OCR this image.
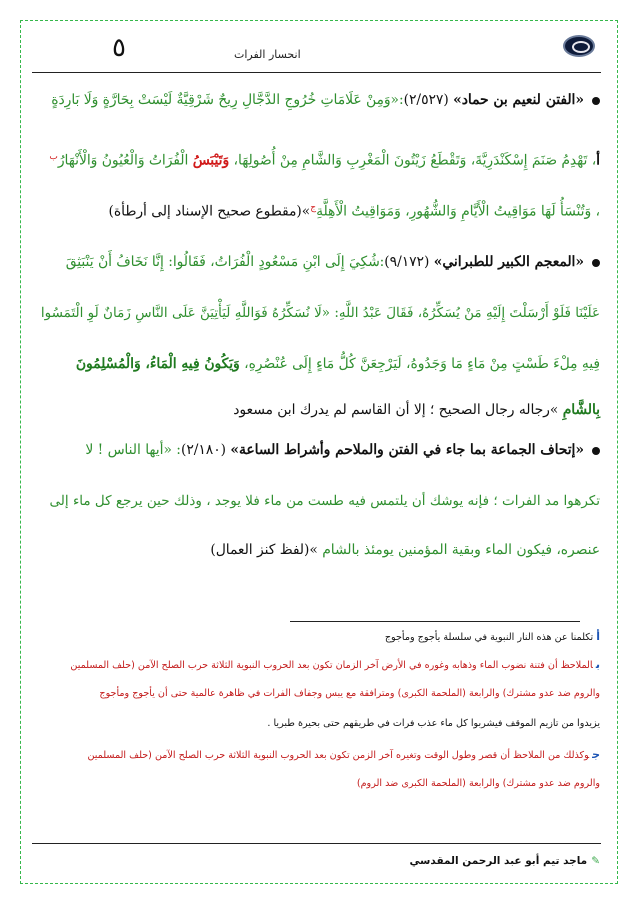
٥	انحسار الفرات
«الفتن لنعيم بن حماد» (٢/٥٢٧):«وَمِنْ عَلَامَاتِ خُرُوجِ الدَّجَّالِ رِيحٌ شَرْقِيَّةٌ لَيْسَتْ بِحَارَّةٍ وَلَا بَارِدَةٍ
أ، تَهْدِمُ صَنَمَ إِسْكَنْدَرِيَّةَ، وَتَقْطَعُ زَيْتُونَ الْمَغْرِبِ وَالشَّامِ مِنْ أُصُولِهَا، وَتَيْبَسُ الْفُرَاتُ وَالْعُيُونُ وَالْأَنْهَارُ$^ب$
، وَتُنْسَأُ لَهَا مَوَاقِيتُ الْأَيَّامِ وَالشُّهُورِ، وَمَوَاقِيتُ الْأَهِلَّةِ$^ج$»(مقطوع صحيح الإسناد إلى أرطأة)
«المعجم الكبير للطبراني» (٩/١٧٢):شُكِيَ إِلَى ابْنِ مَسْعُودٍ الْفُرَاتُ، فَقَالُوا: إِنَّا نَخَافُ أَنْ يَنْبَثِقَ
عَلَيْنَا فَلَوْ أَرْسَلْتَ إِلَيْهِ مَنْ يُسَكِّرُهُ، فَقَالَ عَبْدُ اللَّهِ: «لَا نُسَكِّرُهُ فَوَاللَّهِ لَيَأْتِيَنَّ عَلَى النَّاسِ زَمَانٌ لَوِ الْتَمَسُوا
فِيهِ مِلْءَ طَسْتٍ مِنْ مَاءٍ مَا وَجَدُوهُ، لَيَرْجِعَنَّ كُلُّ مَاءٍ إِلَى عُنْصُرِهِ، وَيَكُونُ فِيهِ الْمَاءُ، وَالْمُسْلِمُونَ
بِالشَّامِ »رجاله رجال الصحيح ؛ إلا أن القاسم لم يدرك ابن مسعود
«إتحاف الجماعة بما جاء في الفتن والملاحم وأشراط الساعة» (٢/١٨٠): «أيها الناس ! لا
تكرهوا مد الفرات ؛ فإنه يوشك أن يلتمس فيه طست من ماء فلا يوجد ، وذلك حين يرجع كل ماء إلى
عنصره، فيكون الماء وبقية المؤمنين يومئذ بالشام »(لفظ كنز العمال)
أتكلمنا عن هذه النار النبوية في سلسلة يأجوج ومأجوج
بالملاحظ أن فتنة نضوب الماء وذهابه وغوره في الأرض آخر الزمان تكون بعد الحروب النبوية الثلاثة حرب الصلح الآمن (حلف المسلمين
والروم ضد عدو مشترك) والرابعة (الملحمة الكبرى) ومترافقة مع يبس وجفاف الفرات في ظاهرة عالمية حتى أن يأجوج ومأجوج
يزيدوا من تازيم الموقف فيشربوا كل ماء عذب فرات في طريقهم حتى بحيرة طبريا .
جوكذلك من الملاحظ أن قصر وطول الوقت وتغيره آخر الزمن تكون بعد الحروب النبوية الثلاثة حرب الصلح الآمن (حلف المسلمين
والروم ضد عدو مشترك) والرابعة (الملحمة الكبرى ضد الروم)
✎ماجد تيم أبو عبد الرحمن المقدسي
